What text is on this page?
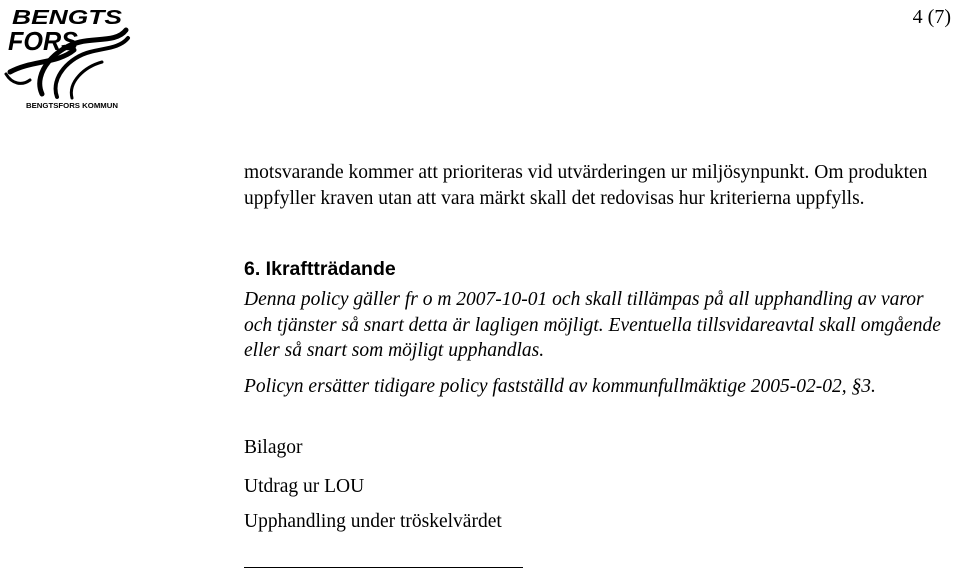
BENGTS
FORS
BENGTSFORS KOMMUN
4 (7)

motsvarande kommer att prioriteras vid utvärderingen ur miljösynpunkt. Om produkten uppfyller kraven utan att vara märkt skall det redovisas hur kriterierna uppfylls.

6. Ikraftträdande

Denna policy gäller fr o m 2007-10-01 och skall tillämpas på all upphandling av varor och tjänster så snart detta är lagligen möjligt. Eventuella tillsvidareavtal skall omgående eller så snart som möjligt upphandlas.

Policyn ersätter tidigare policy fastställd av kommunfullmäktige 2005-02-02, §3.

Bilagor

Utdrag ur LOU

Upphandling under tröskelvärdet
